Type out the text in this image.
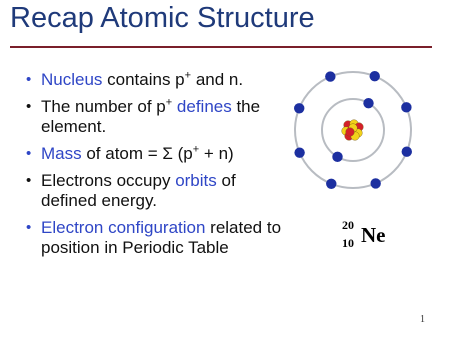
Recap Atomic Structure
• Nucleus contains p+ and n.
• The number of p+ defines the element.
• Mass of atom = Σ (p+ + n)
• Electrons occupy orbits of defined energy.
• Electron configuration related to position in Periodic Table
20
10 Ne
1
